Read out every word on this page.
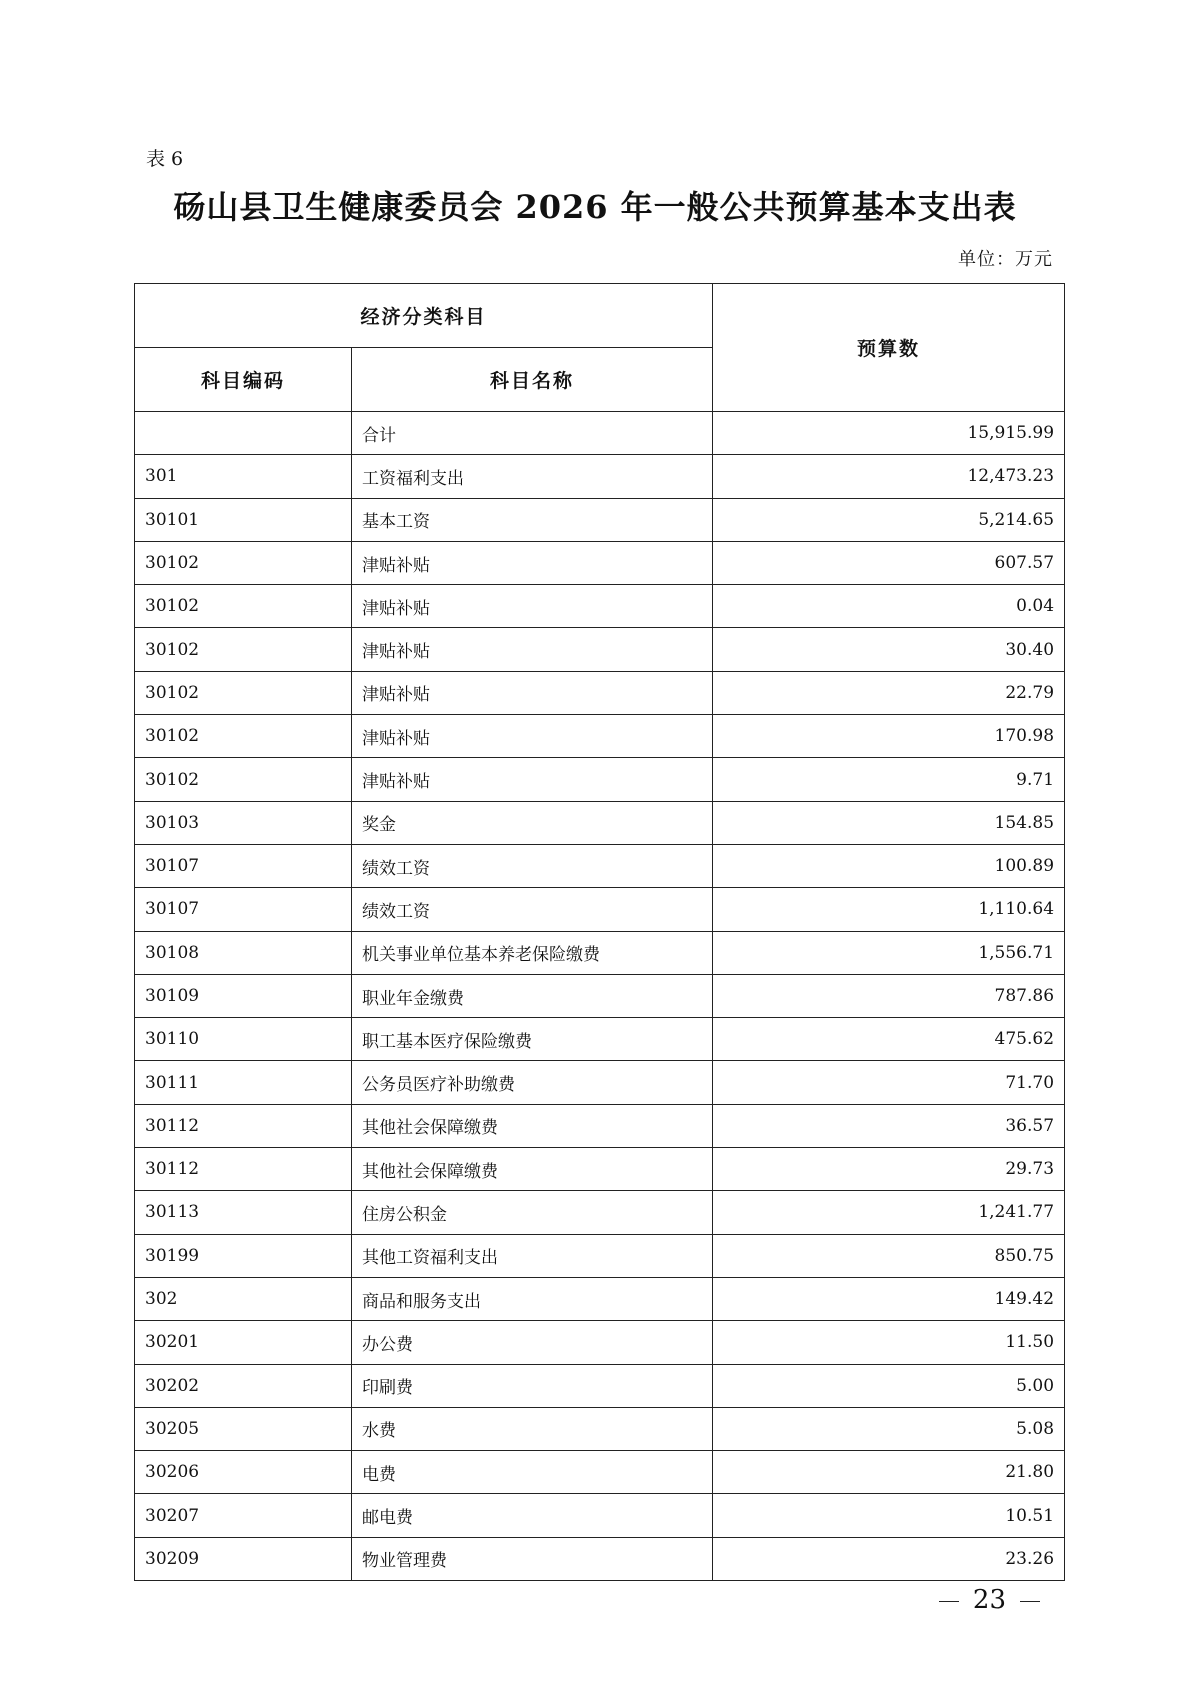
表 6
砀山县卫生健康委员会 2026 年一般公共预算基本支出表
单位：万元
经济分类科目		预算数
科目编码	科目名称	
	合计	15,915.99
301	工资福利支出	12,473.23
30101	基本工资	5,214.65
30102	津贴补贴	607.57
30102	津贴补贴	0.04
30102	津贴补贴	30.40
30102	津贴补贴	22.79
30102	津贴补贴	170.98
30102	津贴补贴	9.71
30103	奖金	154.85
30107	绩效工资	100.89
30107	绩效工资	1,110.64
30108	机关事业单位基本养老保险缴费	1,556.71
30109	职业年金缴费	787.86
30110	职工基本医疗保险缴费	475.62
30111	公务员医疗补助缴费	71.70
30112	其他社会保障缴费	36.57
30112	其他社会保障缴费	29.73
30113	住房公积金	1,241.77
30199	其他工资福利支出	850.75
302	商品和服务支出	149.42
30201	办公费	11.50
30202	印刷费	5.00
30205	水费	5.08
30206	电费	21.80
30207	邮电费	10.51
30209	物业管理费	23.26
23
